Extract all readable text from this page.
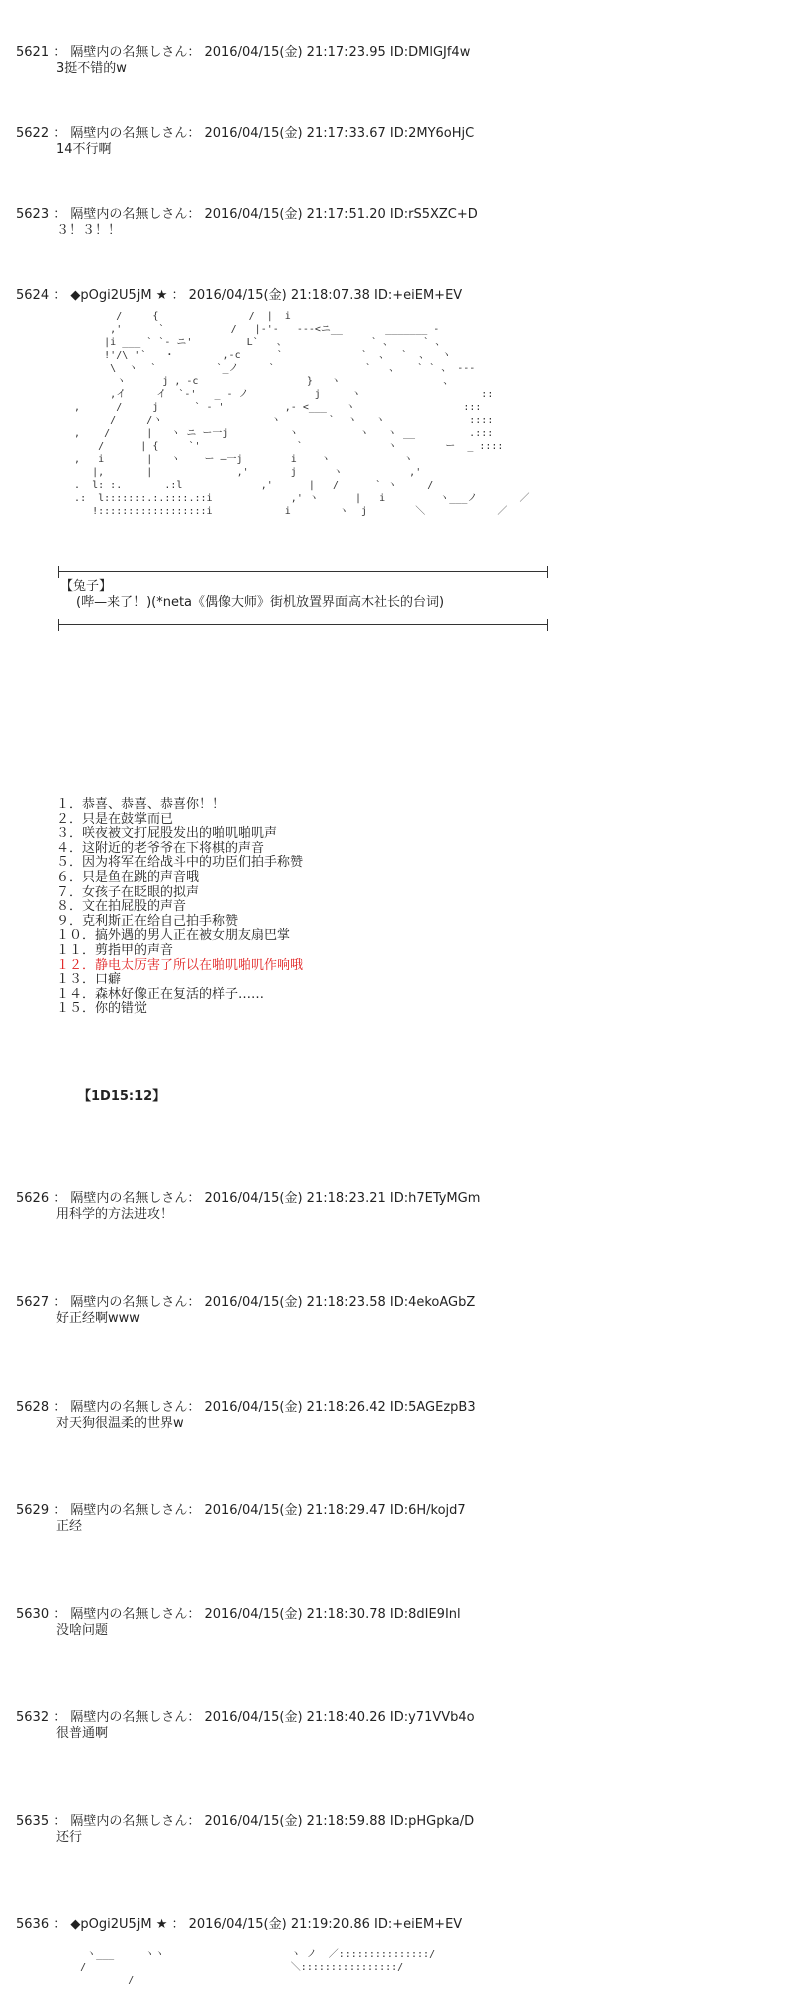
5621 ： 隔壁内の名無しさん： 2016/04/15(金) 21:17:23.95 ID:DMlGJf4w
3挺不错的w
5622 ： 隔壁内の名無しさん： 2016/04/15(金) 21:17:33.67 ID:2MY6oHjC
14不行啊
5623 ： 隔壁内の名無しさん： 2016/04/15(金) 21:17:51.20 ID:rS5XZC+D
３！３！！
5624 ： ◆pOgi2U5jM ★ ： 2016/04/15(金) 21:18:07.38 ID:+eiEM+EV
/     {               /  |  i
,'      `           /   |-'-   ---<ニ__       _______ -
|i ___ ` `- ニ'         L`   、              ` 、     ` 、
!'/\ '`   ・        ,-c      `             `  、  `  、  ヽ
\  ヽ  `          `_ノ     `               `   、   ` ` 、 ---
ヽ      j , -c                  }   ヽ                 、
,イ     イ  `-'   _ - ノ           j     ヽ                    ::
,      /     j      ` - '          ,- <___   ヽ                  :::
/     /ヽ                  ヽ        `  ヽ   ヽ              ::::
,    /      |   ヽ ニ ー一j          ヽ          ヽ   ヽ __         .:::
/      | {     `'                `              ヽ        ー  _ ::::
,   i       |   ヽ    ー ―一j        i    ヽ            ヽ
|,       |              ,'       j      ヽ           ,'
.  l: :.       .:l             ,'      |   /      ` ヽ     /
.:  l:::::::.:.::::.::i             ,' ヽ      |   i         ヽ___ノ       ／
!::::::::::::::::::i            i        ヽ  j        ＼            ／
【兔子】
(哔—来了！)(*neta《偶像大师》街机放置界面高木社长的台词)
１．恭喜、恭喜、恭喜你！！
２．只是在鼓掌而已
３．咲夜被文打屁股发出的啪叽啪叽声
４．这附近的老爷爷在下将棋的声音
５．因为将军在给战斗中的功臣们拍手称赞
６．只是鱼在跳的声音哦
７．女孩子在眨眼的拟声
８．文在拍屁股的声音
９．克利斯正在给自己拍手称赞
１０．搞外遇的男人正在被女朋友扇巴掌
１１．剪指甲的声音
１２．静电太厉害了所以在啪叽啪叽作响哦
１３．口癖
１４．森林好像正在复活的样子……
１５．你的错觉
【1D15:12】
5626 ： 隔壁内の名無しさん： 2016/04/15(金) 21:18:23.21 ID:h7ETyMGm
用科学的方法进攻！
5627 ： 隔壁内の名無しさん： 2016/04/15(金) 21:18:23.58 ID:4ekoAGbZ
好正经啊www
5628 ： 隔壁内の名無しさん： 2016/04/15(金) 21:18:26.42 ID:5AGEzpB3
对天狗很温柔的世界w
5629 ： 隔壁内の名無しさん： 2016/04/15(金) 21:18:29.47 ID:6H/kojd7
正经
5630 ： 隔壁内の名無しさん： 2016/04/15(金) 21:18:30.78 ID:8dIE9Inl
没啥问题
5632 ： 隔壁内の名無しさん： 2016/04/15(金) 21:18:40.26 ID:y71VVb4o
很普通啊
5635 ： 隔壁内の名無しさん： 2016/04/15(金) 21:18:59.88 ID:pHGpka/D
还行
5636 ： ◆pOgi2U5jM ★ ： 2016/04/15(金) 21:19:20.86 ID:+eiEM+EV
ヽ___     ヽヽ                     ヽ ノ  ／:::::::::::::::/
/                                  ＼::::::::::::::::/
/
